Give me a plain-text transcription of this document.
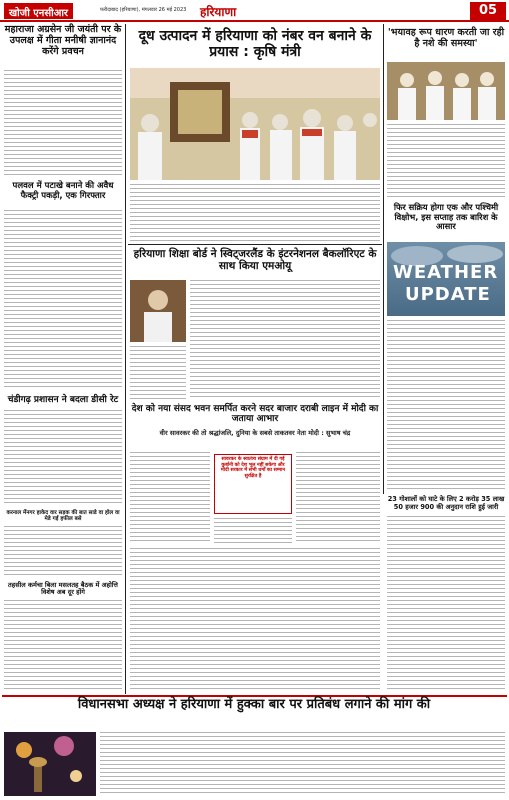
खोजी एनसीआर	फरीदाबाद (हरियाणा), मंगलवार 26 मई 2023 हरियाणा	05
महाराजा अग्रसेन जी जयंती पर के उपलक्ष में गीता मनीषी ज्ञानानंद करेंगे प्रवचन
पलवल में पटाखे बनाने की अवैध फैक्ट्री पकड़ी, एक गिरफ्तार
चंडीगढ़ प्रशासन ने बदला डीसी रेट
करनाल मेंनगर हाकेद वार सड़क की बात साडे वा होल वा मेडे गई हफील बसे
तहसील कर्मचा बिला मसलतह बैठक में अहोत्ति विशेष अब दूर होंगे
दूध उत्पादन में हरियाणा को नंबर वन बनाने के प्रयास : कृषि मंत्री
'भयावह रूप धारण करती जा रही है नशे की समस्या'
फिर सक्रिय होगा एक और पश्चिमी विक्षोभ, इस सप्ताह तक बारिश के आसार
WEATHER
UPDATE
हरियाणा शिक्षा बोर्ड ने स्विट्जरलैंड के इंटरनेशनल बैकलॉरिएट के साथ किया एमओयू
देश को नया संसद भवन समर्पित करने सदर बाजार दराबी लाइन में मोदी का जताया आभार
वीर सावरकर की तो श्रद्धांजलि, दुनिया के सबसे ताकतवर नेता मोदी : सुभाष चंद्र
सावरकर के स्वातंत्र्य संग्राम में दी गई कुर्बानी को देश भूल नहीं सकेगा और मोदी सरकार में सभी धर्मों का सम्मान सुरक्षित है
23 गोशालों को घाटे के लिए 2 करोड़ 35 लाख 50 हजार 900 की अनुदान राशि हुई जारी
विधानसभा अध्यक्ष ने हरियाणा में हुक्का बार पर प्रतिबंध लगाने की मांग की
